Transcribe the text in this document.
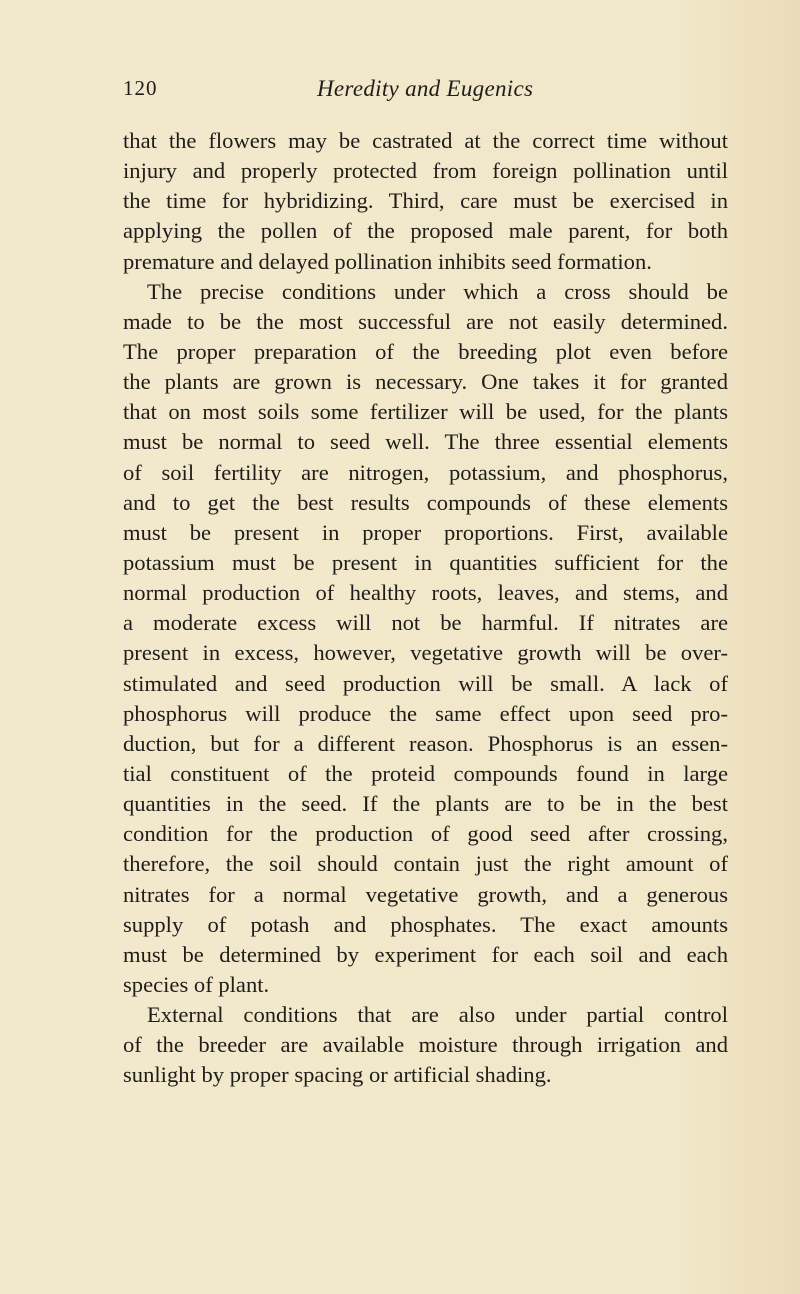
120	Heredity and Eugenics
that the flowers may be castrated at the correct time without
injury and properly protected from foreign pollination until
the time for hybridizing. Third, care must be exercised in
applying the pollen of the proposed male parent, for both
premature and delayed pollination inhibits seed formation.
The precise conditions under which a cross should be
made to be the most successful are not easily determined.
The proper preparation of the breeding plot even before
the plants are grown is necessary. One takes it for granted
that on most soils some fertilizer will be used, for the plants
must be normal to seed well. The three essential elements
of soil fertility are nitrogen, potassium, and phosphorus,
and to get the best results compounds of these elements
must be present in proper proportions. First, available
potassium must be present in quantities sufficient for the
normal production of healthy roots, leaves, and stems, and
a moderate excess will not be harmful. If nitrates are
present in excess, however, vegetative growth will be over-
stimulated and seed production will be small. A lack of
phosphorus will produce the same effect upon seed pro-
duction, but for a different reason. Phosphorus is an essen-
tial constituent of the proteid compounds found in large
quantities in the seed. If the plants are to be in the best
condition for the production of good seed after crossing,
therefore, the soil should contain just the right amount of
nitrates for a normal vegetative growth, and a generous
supply of potash and phosphates. The exact amounts
must be determined by experiment for each soil and each
species of plant.
External conditions that are also under partial control
of the breeder are available moisture through irrigation and
sunlight by proper spacing or artificial shading.
